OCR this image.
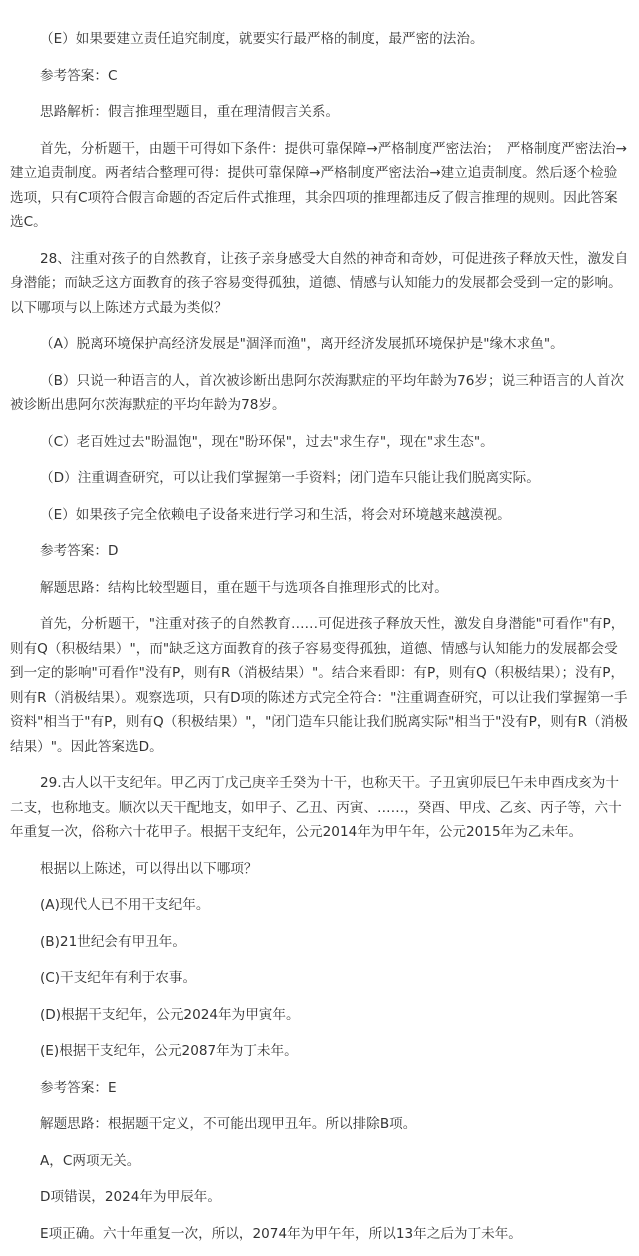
（E）如果要建立责任追究制度，就要实行最严格的制度，最严密的法治。

参考答案：C

思路解析：假言推理型题目，重在理清假言关系。

首先，分析题干，由题干可得如下条件：提供可靠保障→严格制度严密法治；　严格制度严密法治→建立追责制度。两者结合整理可得：提供可靠保障→严格制度严密法治→建立追责制度。然后逐个检验选项，只有C项符合假言命题的否定后件式推理，其余四项的推理都违反了假言推理的规则。因此答案选C。

28、注重对孩子的自然教育，让孩子亲身感受大自然的神奇和奇妙，可促进孩子释放天性，激发自身潜能；而缺乏这方面教育的孩子容易变得孤独，道德、情感与认知能力的发展都会受到一定的影响。以下哪项与以上陈述方式最为类似？

（A）脱离环境保护高经济发展是"涸泽而渔"，离开经济发展抓环境保护是"缘木求鱼"。

（B）只说一种语言的人，首次被诊断出患阿尔茨海默症的平均年龄为76岁；说三种语言的人首次被诊断出患阿尔茨海默症的平均年龄为78岁。

（C）老百姓过去"盼温饱"，现在"盼环保"，过去"求生存"，现在"求生态"。

（D）注重调查研究，可以让我们掌握第一手资料；闭门造车只能让我们脱离实际。

（E）如果孩子完全依赖电子设备来进行学习和生活，将会对环境越来越漠视。

参考答案：D

解题思路：结构比较型题目，重在题干与选项各自推理形式的比对。

首先，分析题干，"注重对孩子的自然教育……可促进孩子释放天性，激发自身潜能"可看作"有P，则有Q（积极结果）"，而"缺乏这方面教育的孩子容易变得孤独，道德、情感与认知能力的发展都会受到一定的影响"可看作"没有P，则有R（消极结果）"。结合来看即：有P，则有Q（积极结果）；没有P，则有R（消极结果）。观察选项，只有D项的陈述方式完全符合："注重调查研究，可以让我们掌握第一手资料"相当于"有P，则有Q（积极结果）"，"闭门造车只能让我们脱离实际"相当于"没有P，则有R（消极结果）"。因此答案选D。

29.古人以干支纪年。甲乙丙丁戊己庚辛壬癸为十干，也称天干。子丑寅卯辰巳午未申酉戌亥为十二支，也称地支。顺次以天干配地支，如甲子、乙丑、丙寅、……，癸酉、甲戌、乙亥、丙子等，六十年重复一次，俗称六十花甲子。根据干支纪年，公元2014年为甲午年，公元2015年为乙未年。

根据以上陈述，可以得出以下哪项？

(A)现代人已不用干支纪年。

(B)21世纪会有甲丑年。

(C)干支纪年有利于农事。

(D)根据干支纪年，公元2024年为甲寅年。

(E)根据干支纪年，公元2087年为丁未年。

参考答案：E

解题思路：根据题干定义，不可能出现甲丑年。所以排除B项。

A，C两项无关。

D项错误，2024年为甲辰年。

E项正确。六十年重复一次，所以，2074年为甲午年，所以13年之后为丁未年。
